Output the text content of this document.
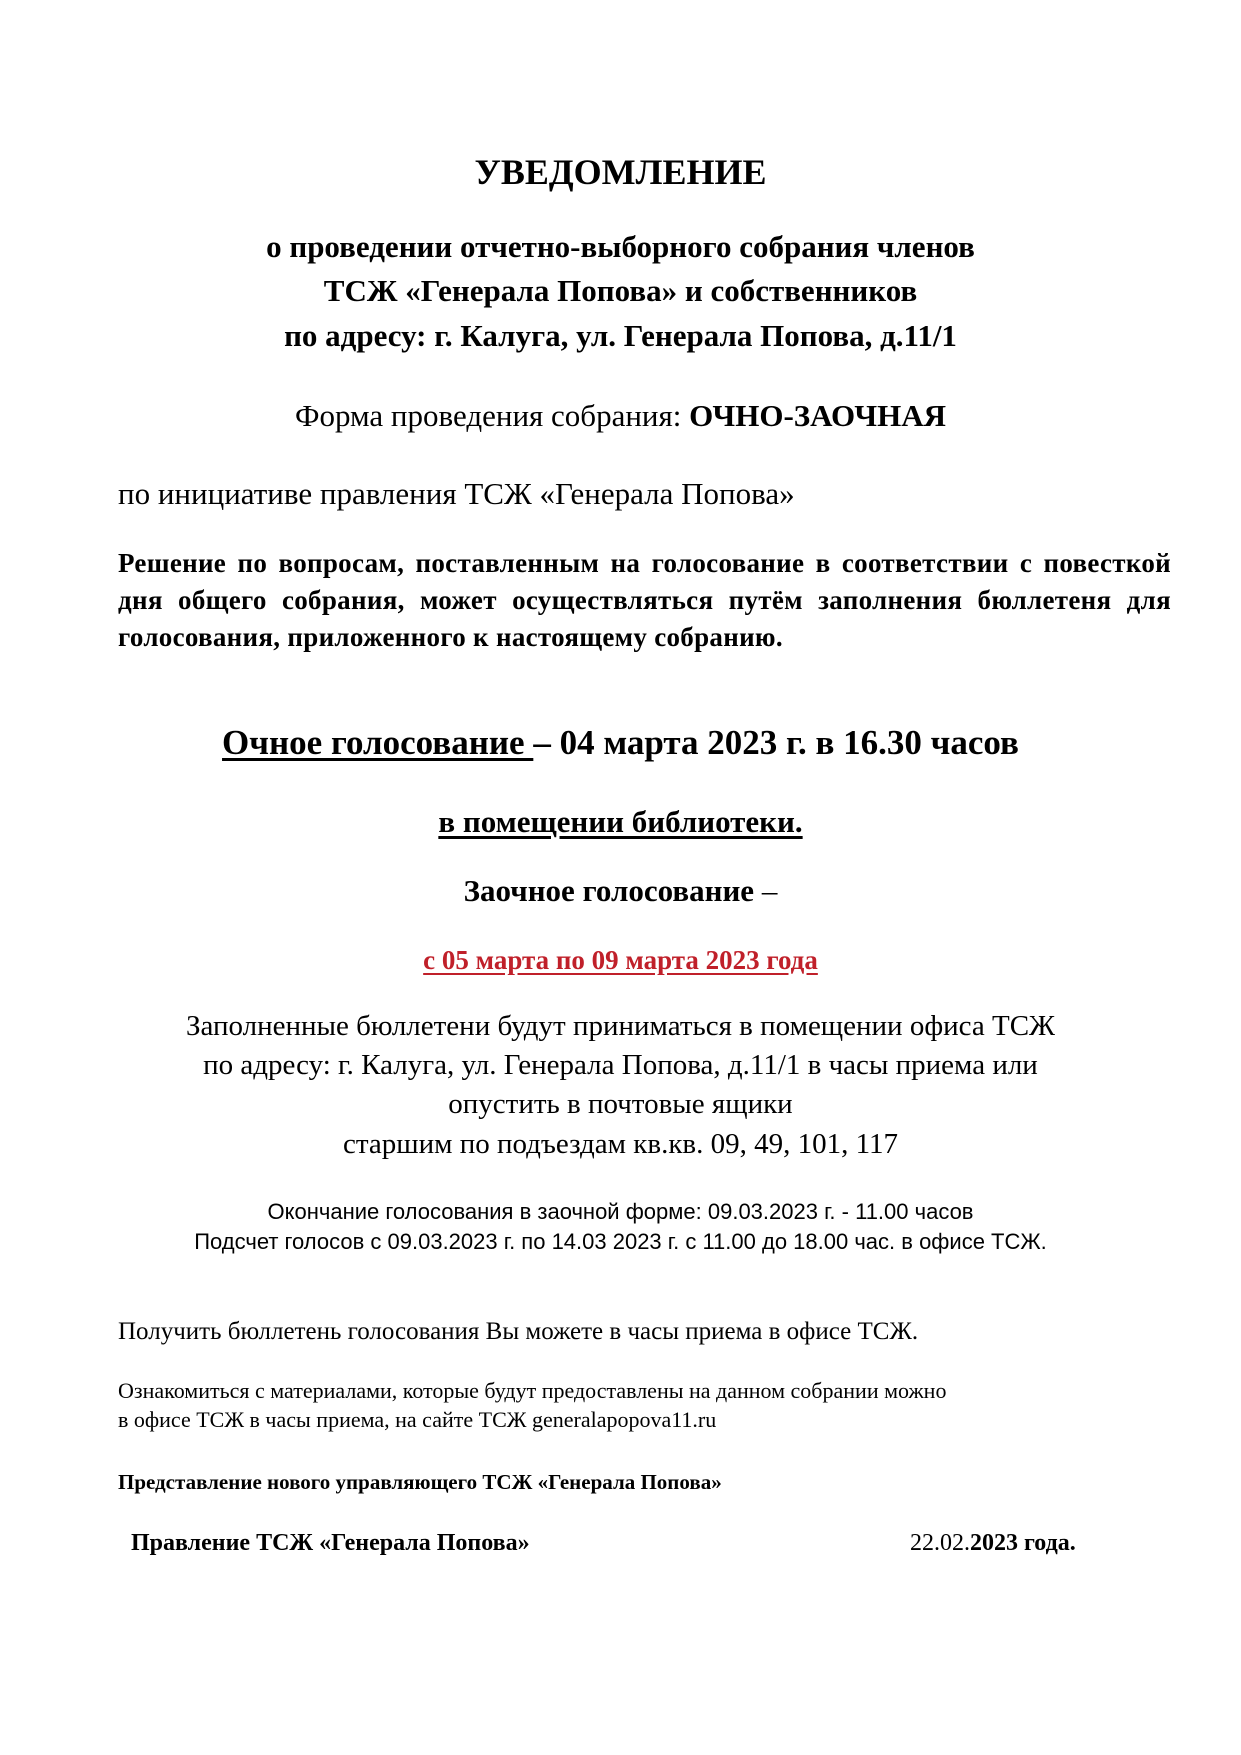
УВЕДОМЛЕНИЕ
о проведении отчетно-выборного собрания членов
ТСЖ «Генерала Попова» и собственников
по адресу: г. Калуга, ул. Генерала Попова, д.11/1
Форма проведения собрания: ОЧНО-ЗАОЧНАЯ
по инициативе правления ТСЖ «Генерала Попова»
Решение по вопросам, поставленным на голосование в соответствии с повесткой дня общего собрания, может осуществляться путём заполнения бюллетеня для голосования, приложенного к настоящему собранию.
Очное голосование – 04 марта 2023 г. в 16.30 часов
в помещении библиотеки.
Заочное голосование –
с 05 марта по 09 марта 2023 года
Заполненные бюллетени будут приниматься в помещении офиса ТСЖ
по адресу: г. Калуга, ул. Генерала Попова, д.11/1 в часы приема или
опустить в почтовые ящики
старшим по подъездам кв.кв. 09, 49, 101, 117
Окончание голосования в заочной форме: 09.03.2023 г. - 11.00 часов
Подсчет голосов с 09.03.2023 г. по 14.03 2023 г. с 11.00 до 18.00 час. в офисе ТСЖ.
Получить бюллетень голосования Вы можете в часы приема в офисе ТСЖ.
Ознакомиться с материалами, которые будут предоставлены на данном собрании можно
в офисе ТСЖ в часы приема, на сайте ТСЖ generalapopova11.ru
Представление нового управляющего ТСЖ «Генерала Попова»
Правление ТСЖ «Генерала Попова»	22.02.2023 года.
